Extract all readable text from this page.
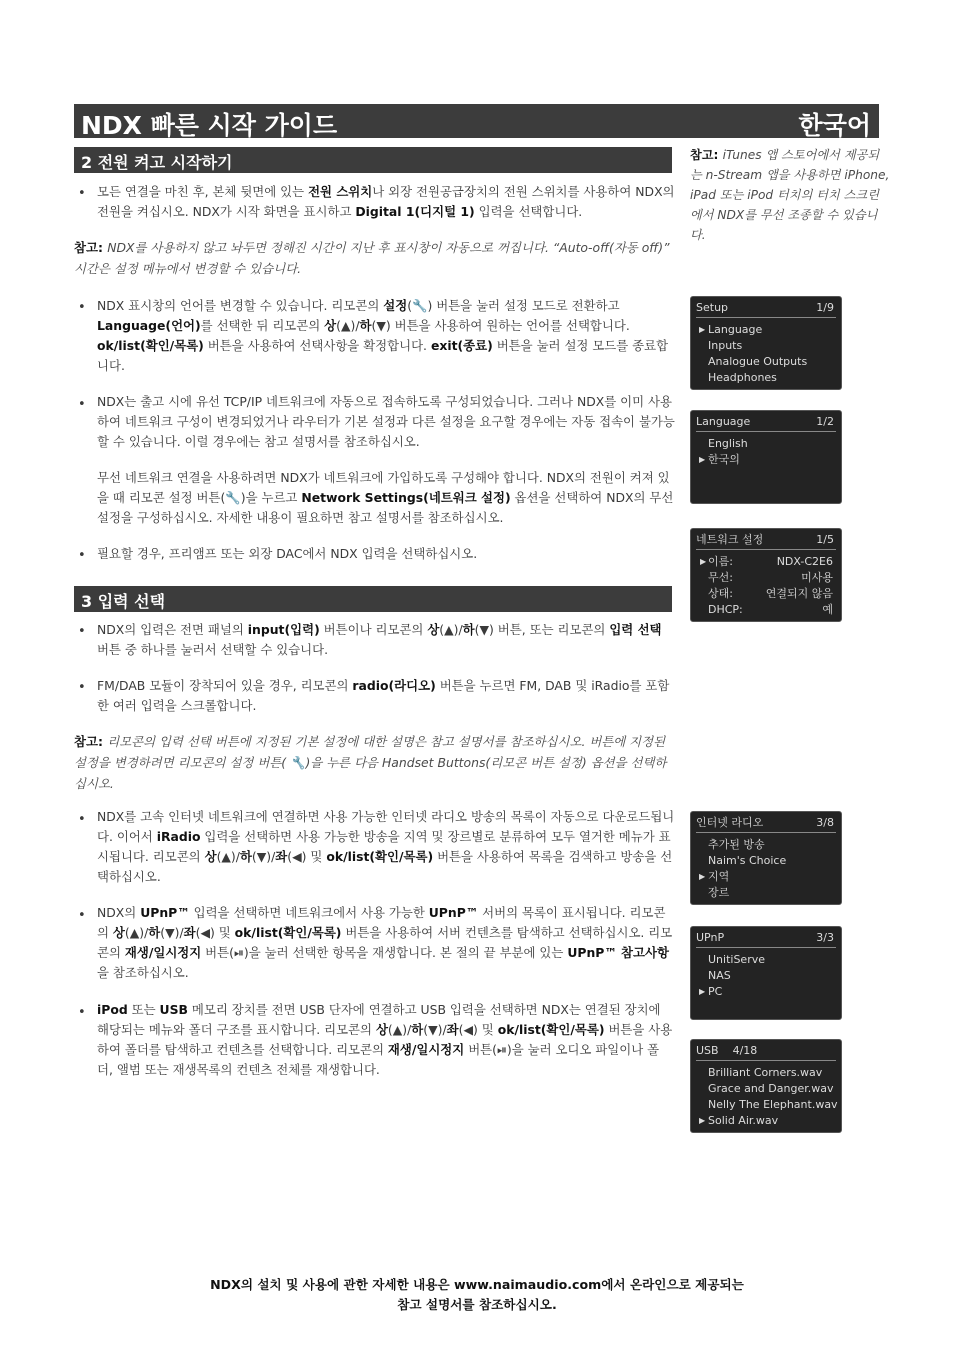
NDX 빠른 시작 가이드	한국어
2 전원 켜고 시작하기
• 모든 연결을 마친 후, 본체 뒷면에 있는 전원 스위치나 외장 전원공급장치의 전원 스위치를 사용하여 NDX의 전원을 켜십시오. NDX가 시작 화면을 표시하고 Digital 1(디지털 1) 입력을 선택합니다.
참고: NDX를 사용하지 않고 놔두면 정해진 시간이 지난 후 표시창이 자동으로 꺼집니다. “Auto-off(자동 off)” 시간은 설정 메뉴에서 변경할 수 있습니다.
• NDX 표시창의 언어를 변경할 수 있습니다. 리모콘의 설정(🔧) 버튼을 눌러 설정 모드로 전환하고 Language(언어)를 선택한 뒤 리모콘의 상(▲)/하(▼) 버튼을 사용하여 원하는 언어를 선택합니다. ok/list(확인/목록) 버튼을 사용하여 선택사항을 확정합니다. exit(종료) 버튼을 눌러 설정 모드를 종료합니다.
• NDX는 출고 시에 유선 TCP/IP 네트워크에 자동으로 접속하도록 구성되었습니다. 그러나 NDX를 이미 사용하여 네트워크 구성이 변경되었거나 라우터가 기본 설정과 다른 설정을 요구할 경우에는 자동 접속이 불가능할 수 있습니다. 이럴 경우에는 참고 설명서를 참조하십시오.
무선 네트워크 연결을 사용하려면 NDX가 네트워크에 가입하도록 구성해야 합니다. NDX의 전원이 켜져 있을 때 리모콘 설정 버튼(🔧)을 누르고 Network Settings(네트워크 설정) 옵션을 선택하여 NDX의 무선 설정을 구성하십시오. 자세한 내용이 필요하면 참고 설명서를 참조하십시오.
• 필요할 경우, 프리앰프 또는 외장 DAC에서 NDX 입력을 선택하십시오.
3 입력 선택
• NDX의 입력은 전면 패널의 input(입력) 버튼이나 리모콘의 상(▲)/하(▼) 버튼, 또는 리모콘의 입력 선택 버튼 중 하나를 눌러서 선택할 수 있습니다.
• FM/DAB 모듈이 장착되어 있을 경우, 리모콘의 radio(라디오) 버튼을 누르면 FM, DAB 및 iRadio를 포함한 여러 입력을 스크롤합니다.
참고: 리모콘의 입력 선택 버튼에 지정된 기본 설정에 대한 설명은 참고 설명서를 참조하십시오. 버튼에 지정된 설정을 변경하려면 리모콘의 설정 버튼( 🔧)을 누른 다음 Handset Buttons(리모콘 버튼 설정) 옵션을 선택하십시오.
• NDX를 고속 인터넷 네트워크에 연결하면 사용 가능한 인터넷 라디오 방송의 목록이 자동으로 다운로드됩니다. 이어서 iRadio 입력을 선택하면 사용 가능한 방송을 지역 및 장르별로 분류하여 모두 열거한 메뉴가 표시됩니다. 리모콘의 상(▲)/하(▼)/좌(◀) 및 ok/list(확인/목록) 버튼을 사용하여 목록을 검색하고 방송을 선택하십시오.
• NDX의 UPnP™ 입력을 선택하면 네트워크에서 사용 가능한 UPnP™ 서버의 목록이 표시됩니다. 리모콘의 상(▲)/하(▼)/좌(◀) 및 ok/list(확인/목록) 버튼을 사용하여 서버 컨텐츠를 탐색하고 선택하십시오. 리모콘의 재생/일시정지 버튼(⏯)을 눌러 선택한 항목을 재생합니다. 본 절의 끝 부분에 있는 UPnP™ 참고사항을 참조하십시오.
• iPod 또는 USB 메모리 장치를 전면 USB 단자에 연결하고 USB 입력을 선택하면 NDX는 연결된 장치에 해당되는 메뉴와 폴더 구조를 표시합니다. 리모콘의 상(▲)/하(▼)/좌(◀) 및 ok/list(확인/목록) 버튼을 사용하여 폴더를 탐색하고 컨텐츠를 선택합니다. 리모콘의 재생/일시정지 버튼(⏯)을 눌러 오디오 파일이나 폴더, 앨범 또는 재생목록의 컨텐츠 전체를 재생합니다.
참고: iTunes 앱 스토어에서 제공되는 n-Stream 앱을 사용하면 iPhone, iPad 또는 iPod 터치의 터치 스크린에서 NDX를 무선 조종할 수 있습니다.
Setup	1/9
▶ Language
Inputs
Analogue Outputs
Headphones
Language	1/2
English
▶ 한국의
네트워크 설정	1/5
▶ 이름:	NDX-C2E6
무선:	미사용
상태:	연결되지 않음
DHCP:	예
인터넷 라디오	3/8
추가된 방송
Naim's Choice
▶ 지역
장르
UPnP	3/3
UnitiServe
NAS
▶ PC
USB    4/18
Brilliant Corners.wav
Grace and Danger.wav
Nelly The Elephant.wav
▶ Solid Air.wav
NDX의 설치 및 사용에 관한 자세한 내용은 www.naimaudio.com에서 온라인으로 제공되는
참고 설명서를 참조하십시오.
